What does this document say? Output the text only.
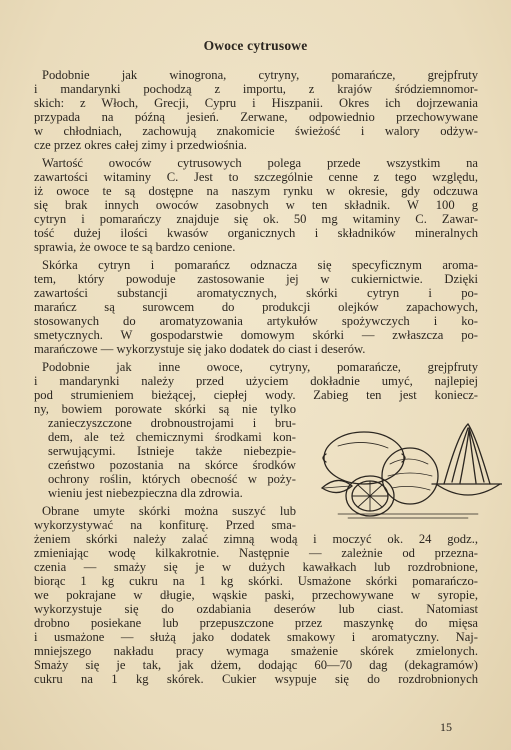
Owoce cytrusowe
Podobnie jak winogrona, cytryny, pomarańcze, grejpfruty
i mandarynki pochodzą z importu, z krajów śródziemnomor-
skich: z Włoch, Grecji, Cypru i Hiszpanii. Okres ich dojrzewania
przypada na późną jesień. Zerwane, odpowiednio przechowywane
w chłodniach, zachowują znakomicie świeżość i walory odżyw-
cze przez okres całej zimy i przedwiośnia.
Wartość owoców cytrusowych polega przede wszystkim na
zawartości witaminy C. Jest to szczególnie cenne z tego względu,
iż owoce te są dostępne na naszym rynku w okresie, gdy odczuwa
się brak innych owoców zasobnych w ten składnik. W 100 g
cytryn i pomarańczy znajduje się ok. 50 mg witaminy C. Zawar-
tość dużej ilości kwasów organicznych i składników mineralnych
sprawia, że owoce te są bardzo cenione.
Skórka cytryn i pomarańcz odznacza się specyficznym aroma-
tem, który powoduje zastosowanie jej w cukiernictwie. Dzięki
zawartości substancji aromatycznych, skórki cytryn i po-
marańcz są surowcem do produkcji olejków zapachowych,
stosowanych do aromatyzowania artykułów spożywczych i ko-
smetycznych. W gospodarstwie domowym skórki — zwłaszcza po-
marańczowe — wykorzystuje się jako dodatek do ciast i deserów.
Podobnie jak inne owoce, cytryny, pomarańcze, grejpfruty
i mandarynki należy przed użyciem dokładnie umyć, najlepiej
pod strumieniem bieżącej, ciepłej wody. Zabieg ten jest koniecz-
ny, bowiem porowate skórki są nie tylko
zanieczyszczone drobnoustrojami i bru-
dem, ale też chemicznymi środkami kon-
serwującymi. Istnieje także niebezpie-
czeństwo pozostania na skórce środków
ochrony roślin, których obecność w poży-
wieniu jest niebezpieczna dla zdrowia.
Obrane umyte skórki można suszyć lub
wykorzystywać na konfiturę. Przed sma-
żeniem skórki należy zalać zimną wodą i moczyć ok. 24 godz.,
zmieniając wodę kilkakrotnie. Następnie — zależnie od przezna-
czenia — smaży się je w dużych kawałkach lub rozdrobnione,
biorąc 1 kg cukru na 1 kg skórki. Usmażone skórki pomarańczo-
we pokrajane w długie, wąskie paski, przechowywane w syropie,
wykorzystuje się do ozdabiania deserów lub ciast. Natomiast
drobno posiekane lub przepuszczone przez maszynkę do mięsa
i usmażone — służą jako dodatek smakowy i aromatyczny. Naj-
mniejszego nakładu pracy wymaga smażenie skórek zmielonych.
Smaży się je tak, jak dżem, dodając 60—70 dag (dekagramów)
cukru na 1 kg skórek. Cukier wsypuje się do rozdrobnionych
15
